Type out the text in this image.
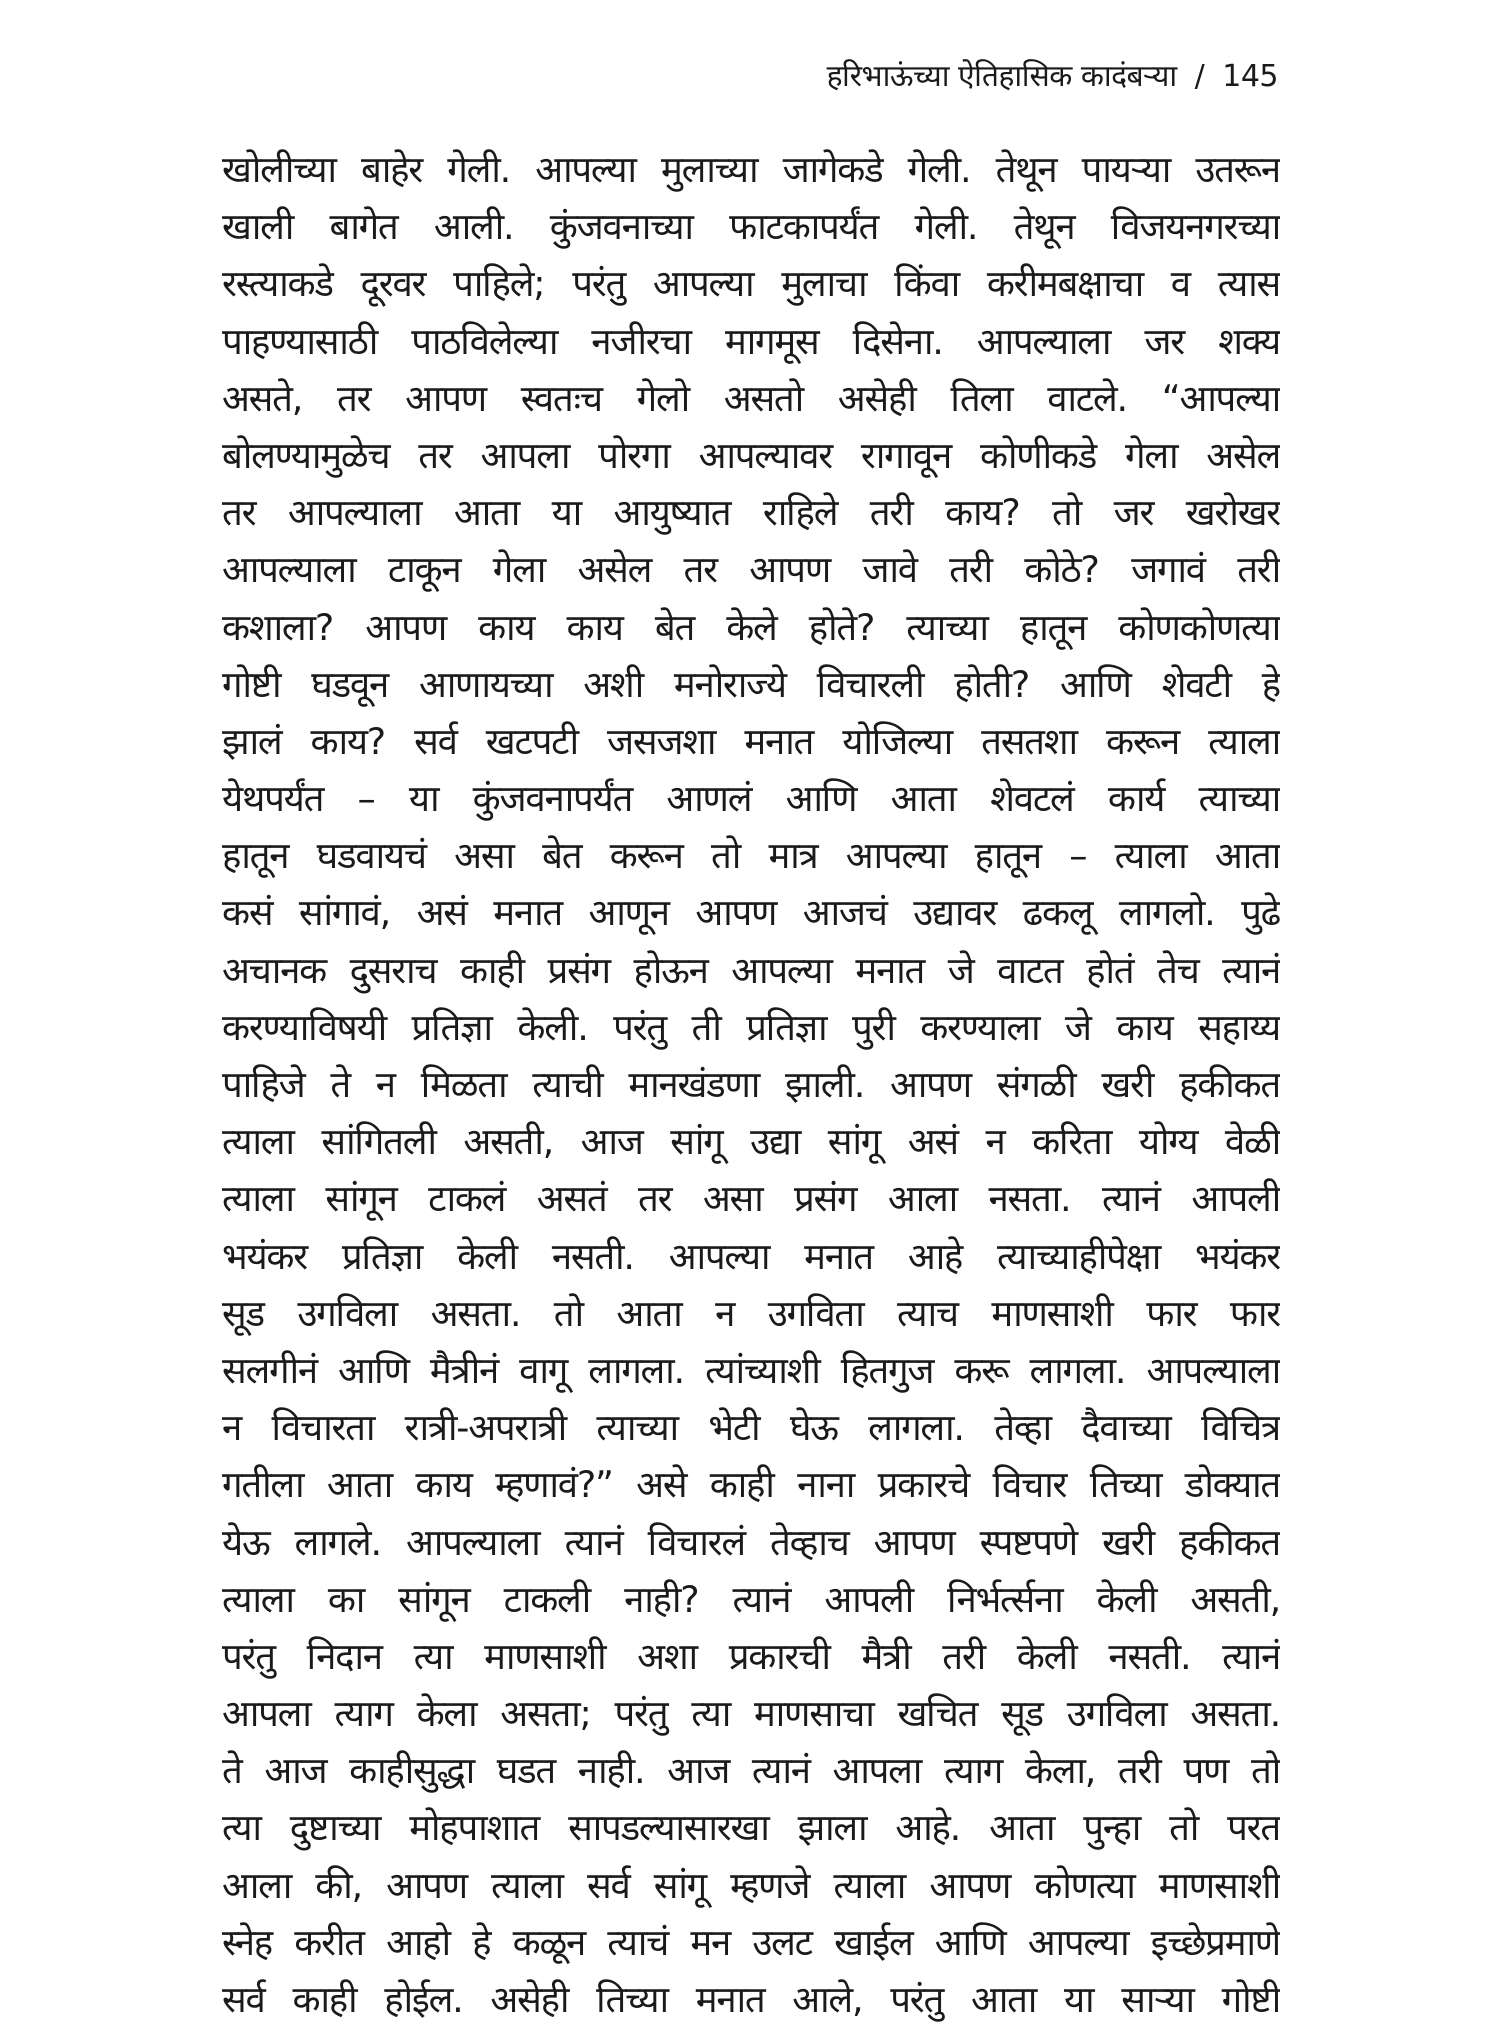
हरिभाऊंच्या ऐतिहासिक कादंबऱ्या / 145
खोलीच्या बाहेर गेली. आपल्या मुलाच्या जागेकडे गेली. तेथून पायऱ्या उतरून
खाली बागेत आली. कुंजवनाच्या फाटकापर्यंत गेली. तेथून विजयनगरच्या
रस्त्याकडे दूरवर पाहिले; परंतु आपल्या मुलाचा किंवा करीमबक्षाचा व त्यास
पाहण्यासाठी पाठविलेल्या नजीरचा मागमूस दिसेना. आपल्याला जर शक्य
असते, तर आपण स्वतःच गेलो असतो असेही तिला वाटले. “आपल्या
बोलण्यामुळेच तर आपला पोरगा आपल्यावर रागावून कोणीकडे गेला असेल
तर आपल्याला आता या आयुष्यात राहिले तरी काय? तो जर खरोखर
आपल्याला टाकून गेला असेल तर आपण जावे तरी कोठे? जगावं तरी
कशाला? आपण काय काय बेत केले होते? त्याच्या हातून कोणकोणत्या
गोष्टी घडवून आणायच्या अशी मनोराज्ये विचारली होती? आणि शेवटी हे
झालं काय? सर्व खटपटी जसजशा मनात योजिल्या तसतशा करून त्याला
येथपर्यंत – या कुंजवनापर्यंत आणलं आणि आता शेवटलं कार्य त्याच्या
हातून घडवायचं असा बेत करून तो मात्र आपल्या हातून – त्याला आता
कसं सांगावं, असं मनात आणून आपण आजचं उद्यावर ढकलू लागलो. पुढे
अचानक दुसराच काही प्रसंग होऊन आपल्या मनात जे वाटत होतं तेच त्यानं
करण्याविषयी प्रतिज्ञा केली. परंतु ती प्रतिज्ञा पुरी करण्याला जे काय सहाय्य
पाहिजे ते न मिळता त्याची मानखंडणा झाली. आपण संगळी खरी हकीकत
त्याला सांगितली असती, आज सांगू उद्या सांगू असं न करिता योग्य वेळी
त्याला सांगून टाकलं असतं तर असा प्रसंग आला नसता. त्यानं आपली
भयंकर प्रतिज्ञा केली नसती. आपल्या मनात आहे त्याच्याहीपेक्षा भयंकर
सूड उगविला असता. तो आता न उगविता त्याच माणसाशी फार फार
सलगीनं आणि मैत्रीनं वागू लागला. त्यांच्याशी हितगुज करू लागला. आपल्याला
न विचारता रात्री-अपरात्री त्याच्या भेटी घेऊ लागला. तेव्हा दैवाच्या विचित्र
गतीला आता काय म्हणावं?” असे काही नाना प्रकारचे विचार तिच्या डोक्यात
येऊ लागले. आपल्याला त्यानं विचारलं तेव्हाच आपण स्पष्टपणे खरी हकीकत
त्याला का सांगून टाकली नाही? त्यानं आपली निर्भर्त्सना केली असती,
परंतु निदान त्या माणसाशी अशा प्रकारची मैत्री तरी केली नसती. त्यानं
आपला त्याग केला असता; परंतु त्या माणसाचा खचित सूड उगविला असता.
ते आज काहीसुद्धा घडत नाही. आज त्यानं आपला त्याग केला, तरी पण तो
त्या दुष्टाच्या मोहपाशात सापडल्यासारखा झाला आहे. आता पुन्हा तो परत
आला की, आपण त्याला सर्व सांगू म्हणजे त्याला आपण कोणत्या माणसाशी
स्नेह करीत आहो हे कळून त्याचं मन उलट खाईल आणि आपल्या इच्छेप्रमाणे
सर्व काही होईल. असेही तिच्या मनात आले, परंतु आता या साऱ्या गोष्टी
